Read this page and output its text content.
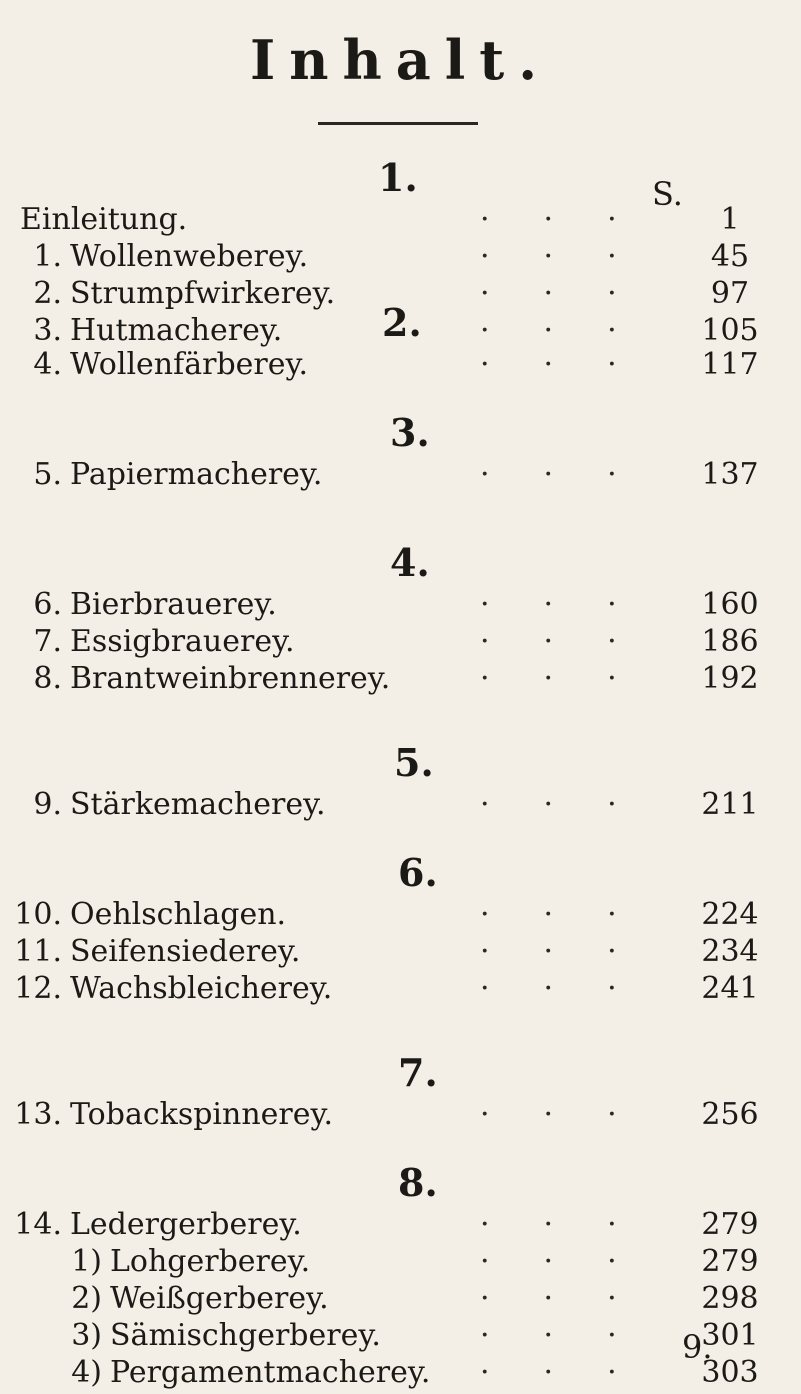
Inhalt.
S.
1.
Einleitung.	···	1
1. Wollenweberey.	···	45
2. Strumpfwirkerey.	···	97
3. Hutmacherey.	···	105
2.
4. Wollenfärberey.	···	117
3.
5. Papiermacherey.	···	137
4.
6. Bierbrauerey.	···	160
7. Essigbrauerey.	···	186
8. Brantweinbrennerey.	···	192
5.
9. Stärkemacherey.	···	211
6.
10. Oehlschlagen.	···	224
11. Seifensiederey.	···	234
12. Wachsbleicherey.	···	241
7.
13. Tobackspinnerey.	···	256
8.
14. Ledergerberey.	···	279
1) Lohgerberey.	···	279
2) Weißgerberey.	···	298
3) Sämischgerberey.	···	301
4) Pergamentmacherey. ···	303
9.
